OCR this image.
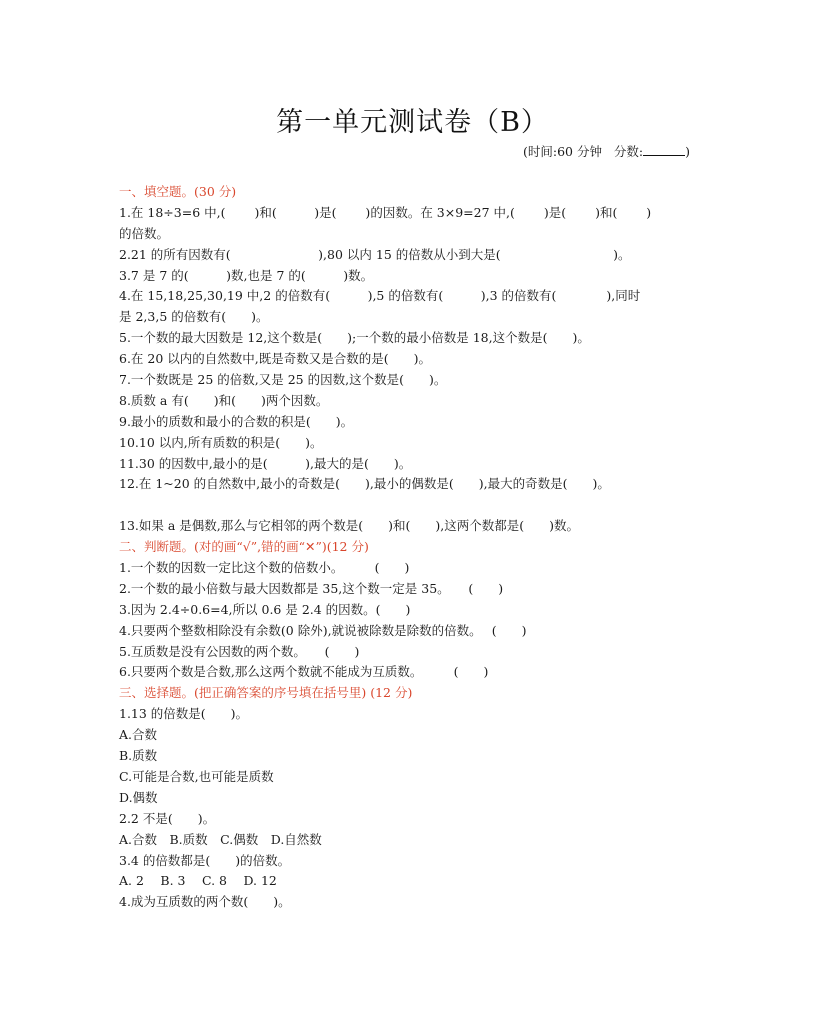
第一单元测试卷（B）
(时间:60 分钟 分数:	)
一、填空题。(30 分)
1.在 18÷3=6 中,(　　 )和(　　　)是(　　 )的因数。在 3×9=27 中,(　　 )是(　　 )和(　　 )
的倍数。
2.21 的所有因数有(　　　　　　　),80 以内 15 的倍数从小到大是(　　　　　　　　　)。
3.7 是 7 的(　　　)数,也是 7 的(　　　)数。
4.在 15,18,25,30,19 中,2 的倍数有(　　　),5 的倍数有(　　　),3 的倍数有(　　　　),同时
是 2,3,5 的倍数有(　　)。
5.一个数的最大因数是 12,这个数是(　　);一个数的最小倍数是 18,这个数是(　　)。
6.在 20 以内的自然数中,既是奇数又是合数的是(　　)。
7.一个数既是 25 的倍数,又是 25 的因数,这个数是(　　)。
8.质数 a 有(　　)和(　　)两个因数。
9.最小的质数和最小的合数的积是(　　)。
10.10 以内,所有质数的积是(　　)。
11.30 的因数中,最小的是(　　　),最大的是(　　)。
12.在 1~20 的自然数中,最小的奇数是(　　),最小的偶数是(　　),最大的奇数是(　　)。
13.如果 a 是偶数,那么与它相邻的两个数是(　　)和(　　),这两个数都是(　　)数。
二、判断题。(对的画“√”,错的画“✕”)(12 分)
1.一个数的因数一定比这个数的倍数小。　　　(　　)
2.一个数的最小倍数与最大因数都是 35,这个数一定是 35。　　(　　)
3.因为 2.4÷0.6=4,所以 0.6 是 2.4 的因数。(　　)
4.只要两个整数相除没有余数(0 除外),就说被除数是除数的倍数。　 (　　)
5.互质数是没有公因数的两个数。　　(　　)
6.只要两个数是合数,那么这两个数就不能成为互质数。　　　(　　)
三、选择题。(把正确答案的序号填在括号里) (12 分)
1.13 的倍数是(　　)。
A.合数
B.质数
C.可能是合数,也可能是质数
D.偶数
2.2 不是(　　)。
A.合数　B.质数　C.偶数　D.自然数
3.4 的倍数都是(　　)的倍数。
A. 2　 B. 3　 C. 8　 D. 12
4.成为互质数的两个数(　　)。
